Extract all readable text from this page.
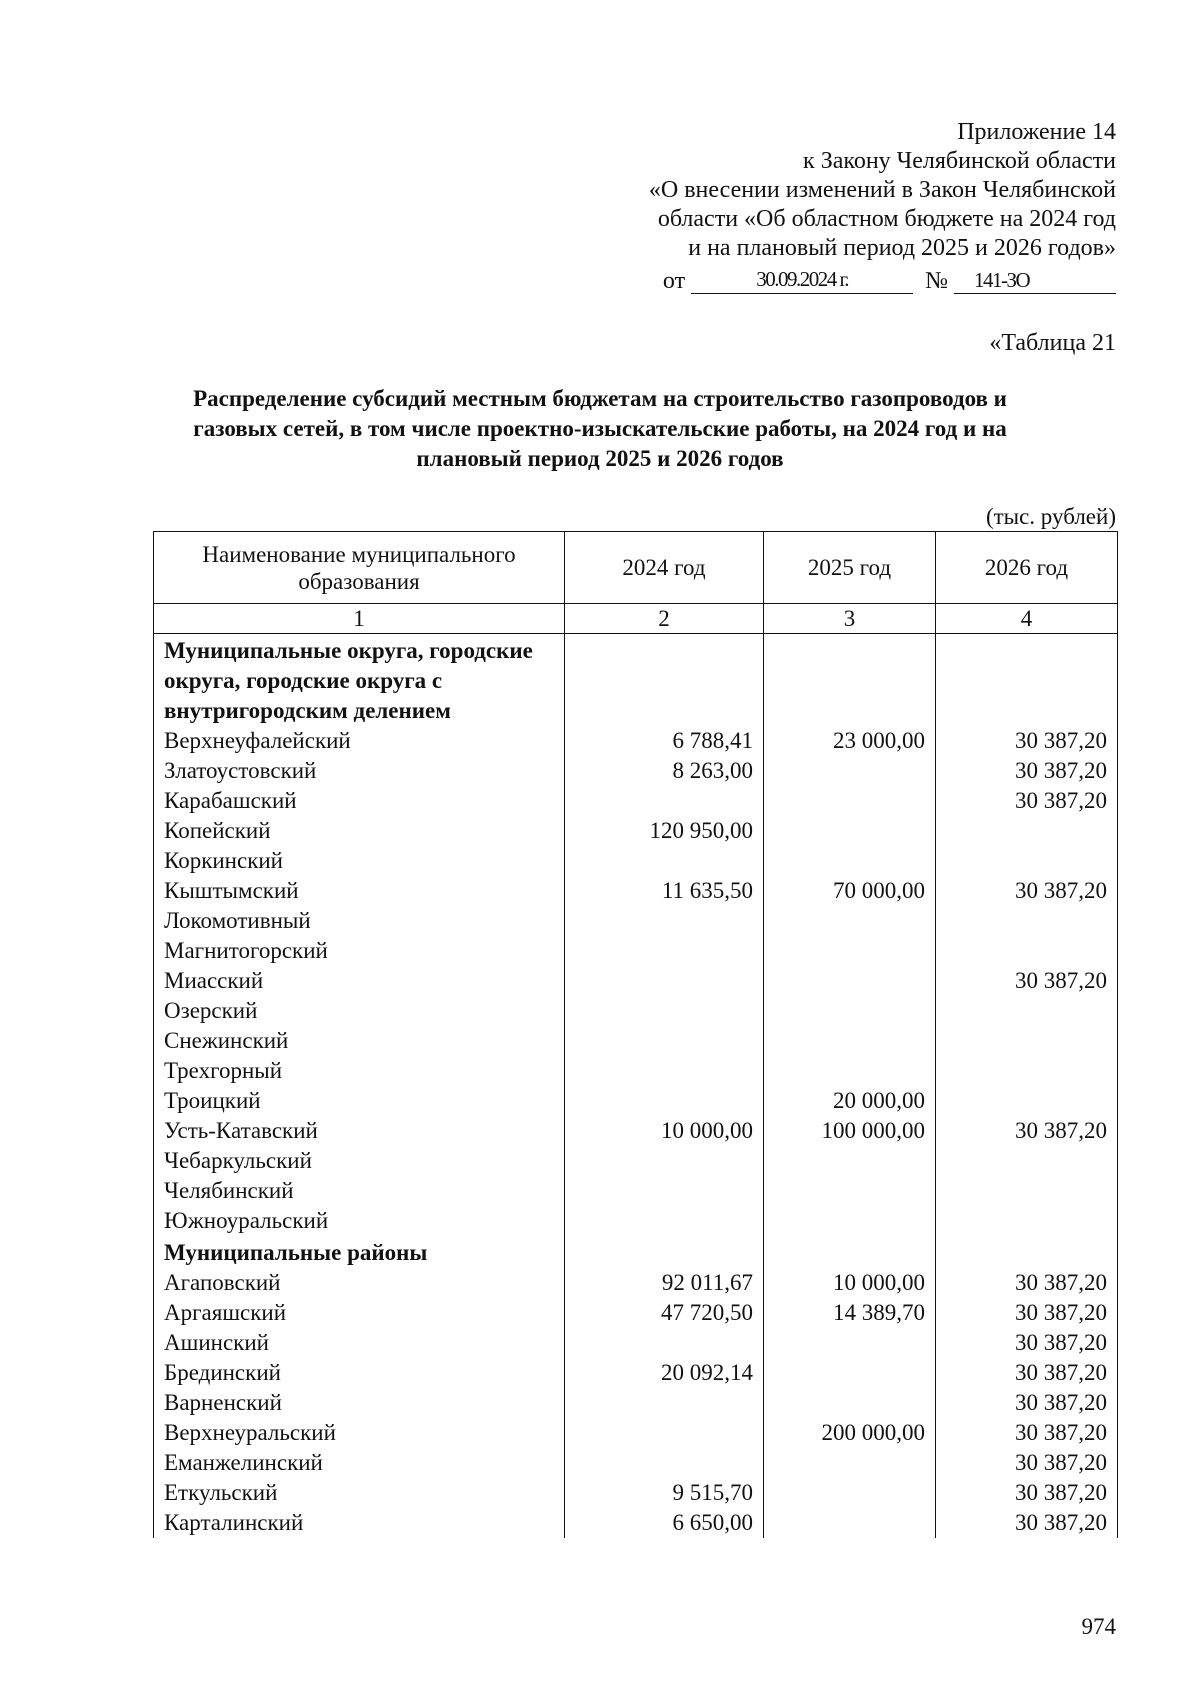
Приложение 14
к Закону Челябинской области
«О внесении изменений в Закон Челябинской
области «Об областном бюджете на 2024 год
и на плановый период 2025 и 2026 годов»
от	30.09.2024 г.	№	141-ЗО
«Таблица 21
Распределение субсидий местным бюджетам на строительство газопроводов и
газовых сетей, в том числе проектно-изыскательские работы, на 2024 год и на
плановый период 2025 и 2026 годов
(тыс. рублей)
Наименование муниципального образования	2024 год	2025 год	2026 год
1	2	3	4
Муниципальные округа, городские округа, городские округа с внутригородским делением			
Верхнеуфалейский	6 788,41	23 000,00	30 387,20
Златоустовский	8 263,00		30 387,20
Карабашский			30 387,20
Копейский	120 950,00		
Коркинский			
Кыштымский	11 635,50	70 000,00	30 387,20
Локомотивный			
Магнитогорский			
Миасский			30 387,20
Озерский			
Снежинский			
Трехгорный			
Троицкий		20 000,00	
Усть-Катавский	10 000,00	100 000,00	30 387,20
Чебаркульский			
Челябинский			
Южноуральский			
Муниципальные районы			
Агаповский	92 011,67	10 000,00	30 387,20
Аргаяшский	47 720,50	14 389,70	30 387,20
Ашинский			30 387,20
Брединский	20 092,14		30 387,20
Варненский			30 387,20
Верхнеуральский		200 000,00	30 387,20
Еманжелинский			30 387,20
Еткульский	9 515,70		30 387,20
Карталинский	6 650,00		30 387,20
974
